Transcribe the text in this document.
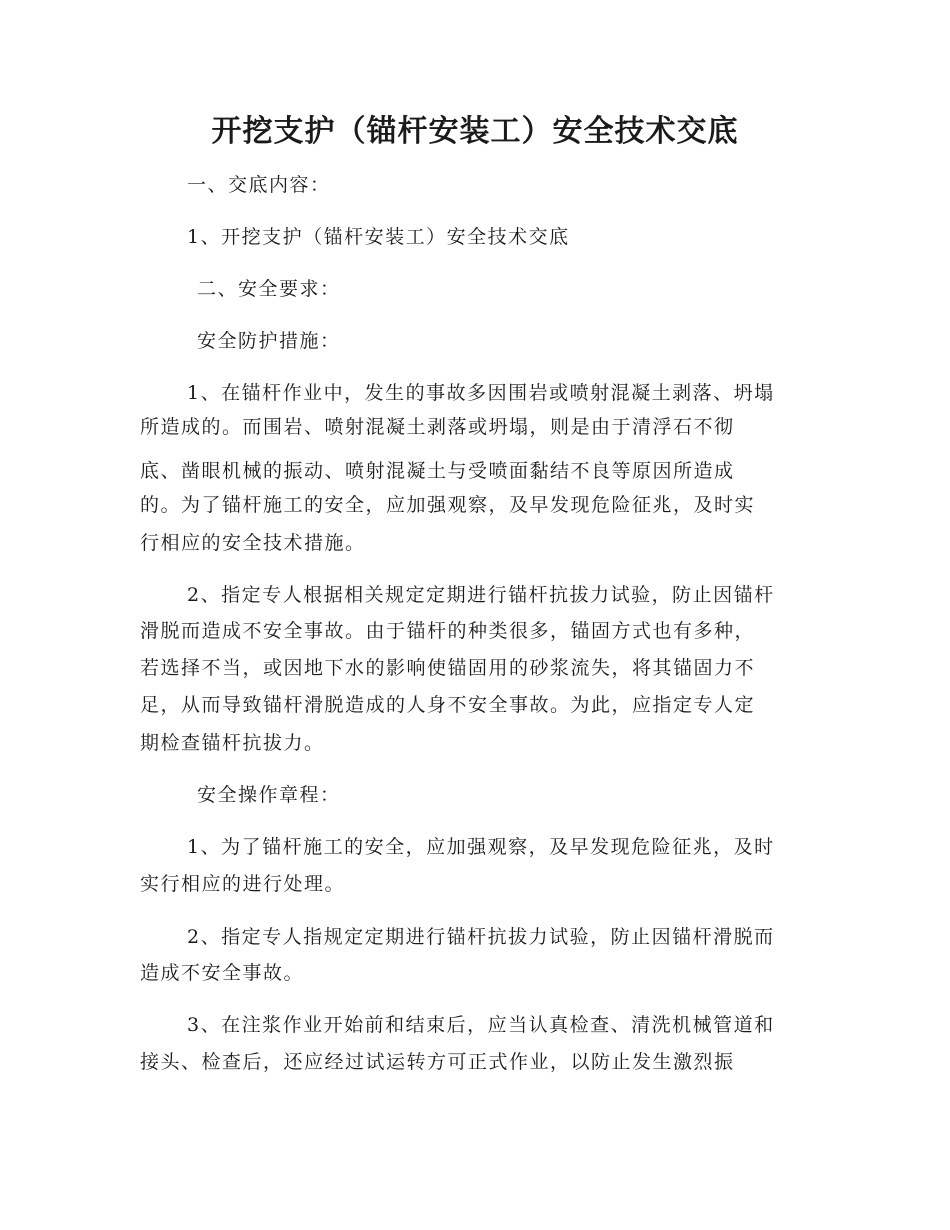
开挖支护（锚杆安装工）安全技术交底

一、交底内容：

1、开挖支护（锚杆安装工）安全技术交底

二、安全要求：

安全防护措施：

1、在锚杆作业中，发生的事故多因围岩或喷射混凝土剥落、坍塌

所造成的。而围岩、喷射混凝土剥落或坍塌，则是由于清浮石不彻

底、凿眼机械的振动、喷射混凝土与受喷面黏结不良等原因所造成

的。为了锚杆施工的安全，应加强观察，及早发现危险征兆，及时实

行相应的安全技术措施。

2、指定专人根据相关规定定期进行锚杆抗拔力试验，防止因锚杆

滑脱而造成不安全事故。由于锚杆的种类很多，锚固方式也有多种，

若选择不当，或因地下水的影响使锚固用的砂浆流失，将其锚固力不

足，从而导致锚杆滑脱造成的人身不安全事故。为此，应指定专人定

期检查锚杆抗拔力。

安全操作章程：

1、为了锚杆施工的安全，应加强观察，及早发现危险征兆，及时

实行相应的进行处理。

2、指定专人指规定定期进行锚杆抗拔力试验，防止因锚杆滑脱而

造成不安全事故。

3、在注浆作业开始前和结束后，应当认真检查、清洗机械管道和

接头、检查后，还应经过试运转方可正式作业，以防止发生激烈振
